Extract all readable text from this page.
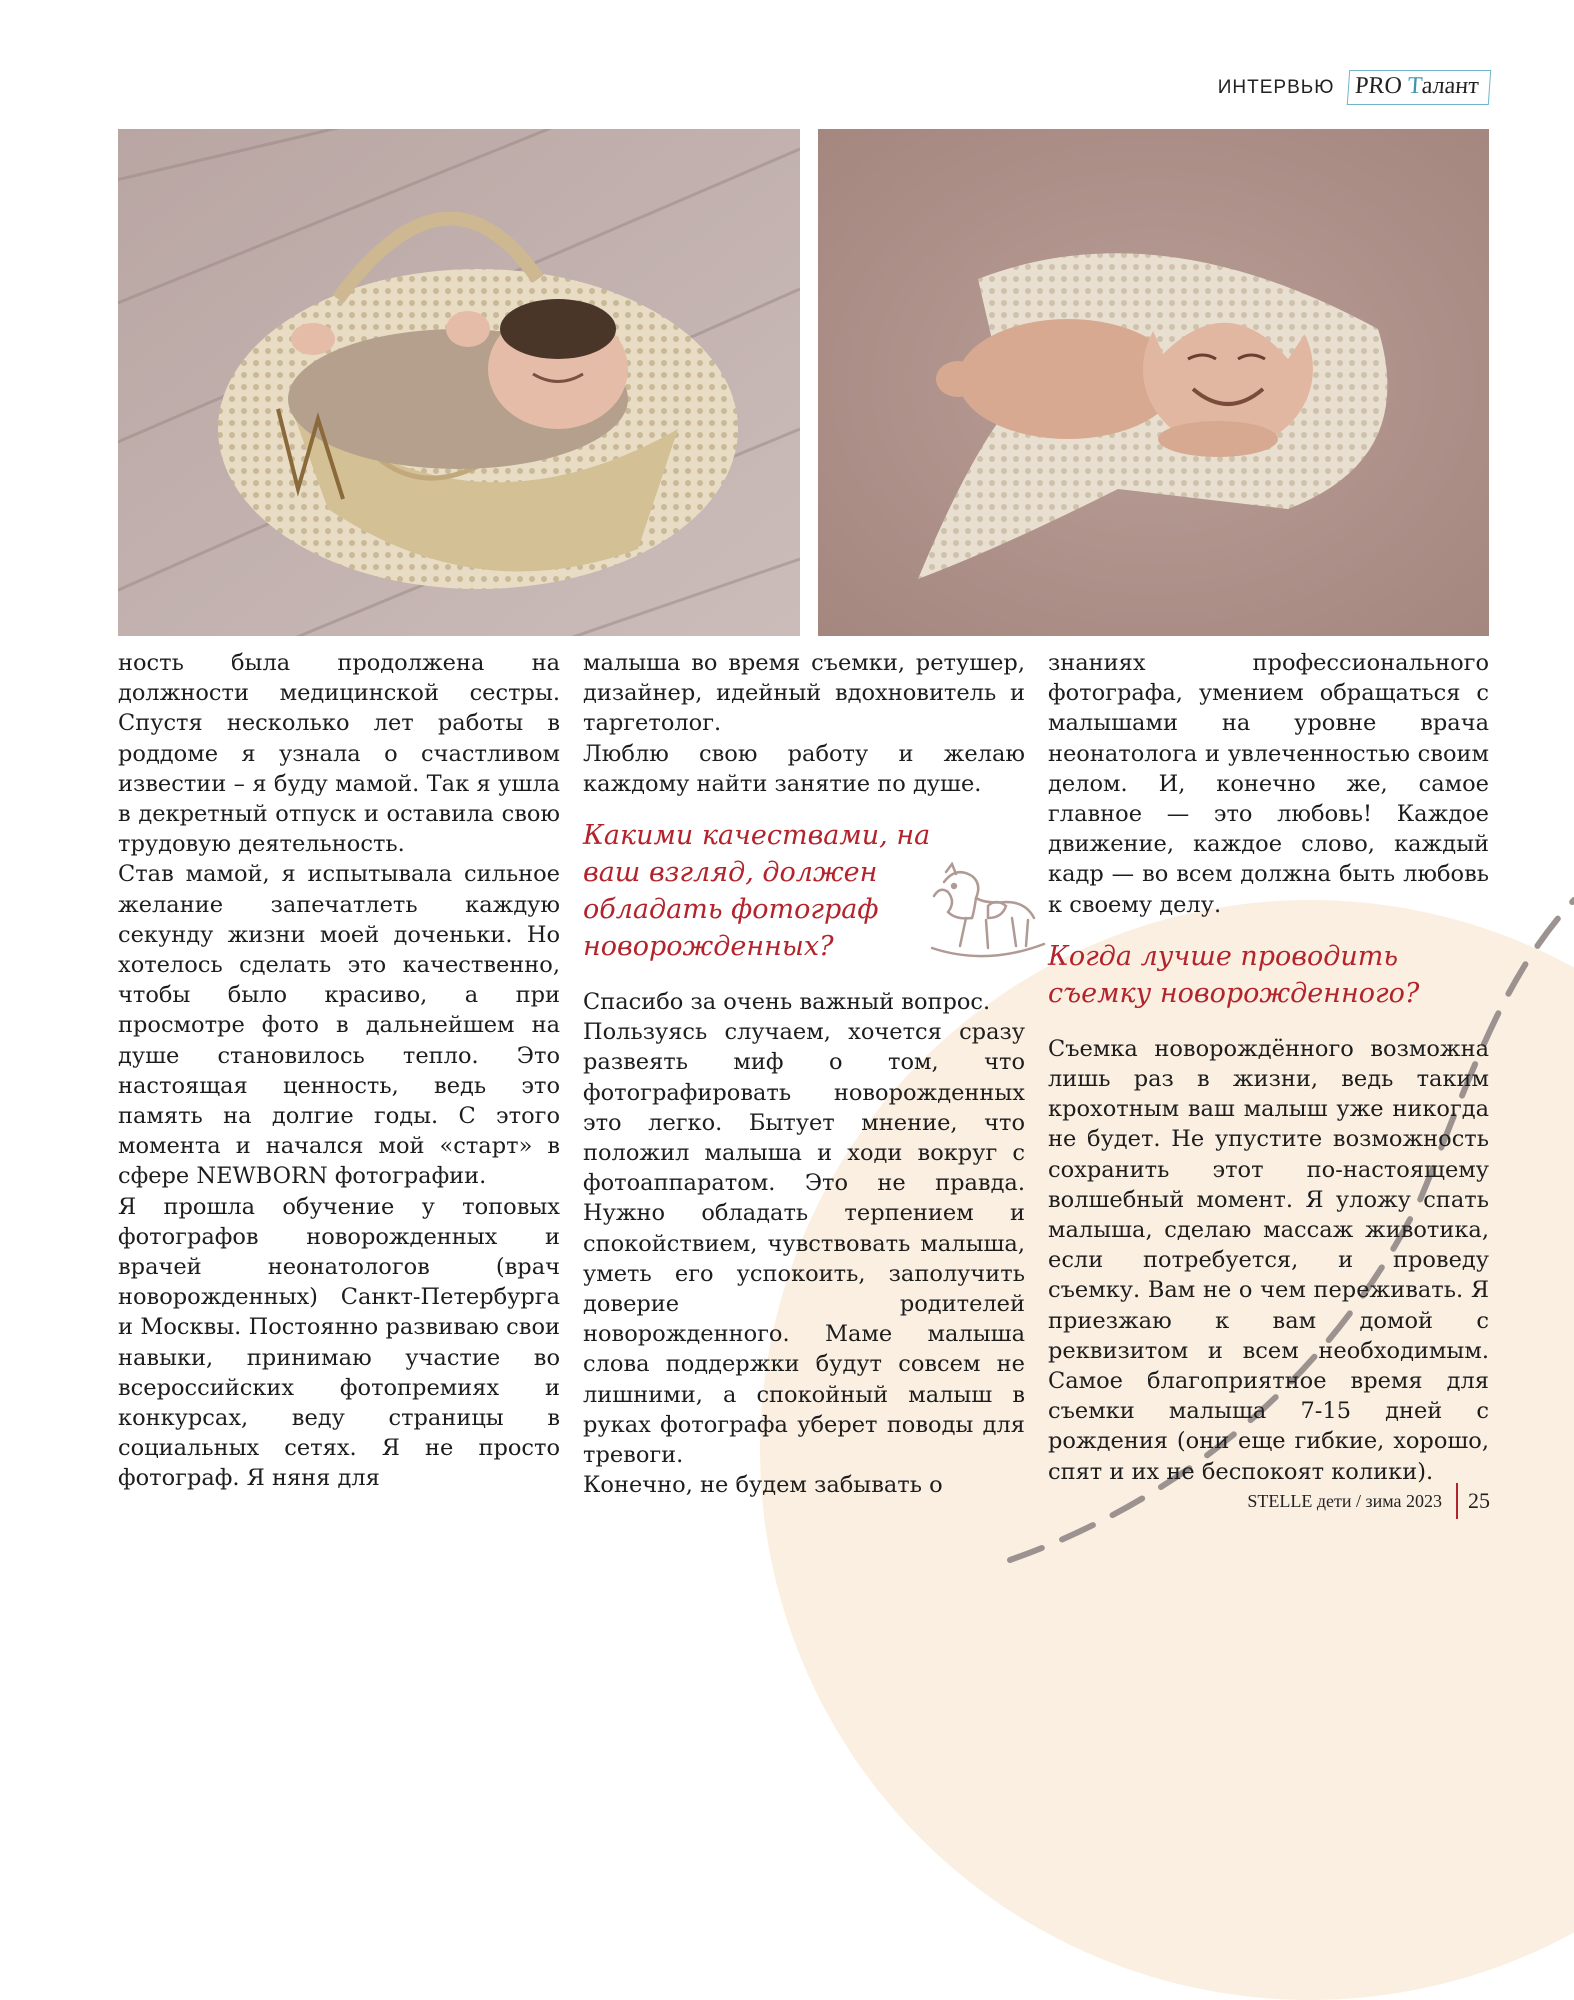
ИНТЕРВЬЮ PRO Талант

ность была продолжена на должности медицинской сестры. Спустя несколько лет работы в роддоме я узнала о счастливом известии – я буду мамой. Так я ушла в декретный отпуск и оставила свою трудовую деятельность.

Став мамой, я испытывала сильное желание запечатлеть каждую секунду жизни моей доченьки. Но хотелось сделать это качественно, чтобы было красиво, а при просмотре фото в дальнейшем на душе становилось тепло. Это настоящая ценность, ведь это память на долгие годы. С этого момента и начался мой «старт» в сфере NEWBORN фотографии.

Я прошла обучение у топовых фотографов новорожденных и врачей неонатологов (врач новорожденных) Санкт-Петербурга и Москвы. Постоянно развиваю свои навыки, принимаю участие во всероссийских фотопремиях и конкурсах, веду страницы в социальных сетях. Я не просто фотограф. Я няня для

малыша во время съемки, ретушер, дизайнер, идейный вдохновитель и таргетолог.

Люблю свою работу и желаю каждому найти занятие по душе.

Какими качествами, на ваш взгляд, должен обладать фотограф новорожденных?

Спасибо за очень важный вопрос.

Пользуясь случаем, хочется сразу развеять миф о том, что фотографировать новорожденных это легко. Бытует мнение, что положил малыша и ходи вокруг с фотоаппаратом. Это не правда. Нужно обладать терпением и спокойствием, чувствовать малыша, уметь его успокоить, заполучить доверие родителей новорожденного. Маме малыша слова поддержки будут совсем не лишними, а спокойный малыш в руках фотографа уберет поводы для тревоги.

Конечно, не будем забывать о

знаниях профессионального фотографа, умением обращаться с малышами на уровне врача неонатолога и увлеченностью своим делом. И, конечно же, самое главное — это любовь! Каждое движение, каждое слово, каждый кадр — во всем должна быть любовь к своему делу.

Когда лучше проводить съемку новорожденного?

Съемка новорождённого возможна лишь раз в жизни, ведь таким крохотным ваш малыш уже никогда не будет. Не упустите возможность сохранить этот по-настоящему волшебный момент. Я уложу спать малыша, сделаю массаж животика, если потребуется, и проведу съемку. Вам не о чем переживать. Я приезжаю к вам домой с реквизитом и всем необходимым. Самое благоприятное время для съемки малыша 7-15 дней с рождения (они еще гибкие, хорошо, спят и их не беспокоят колики).

STELLE дети / зима 2023	25
